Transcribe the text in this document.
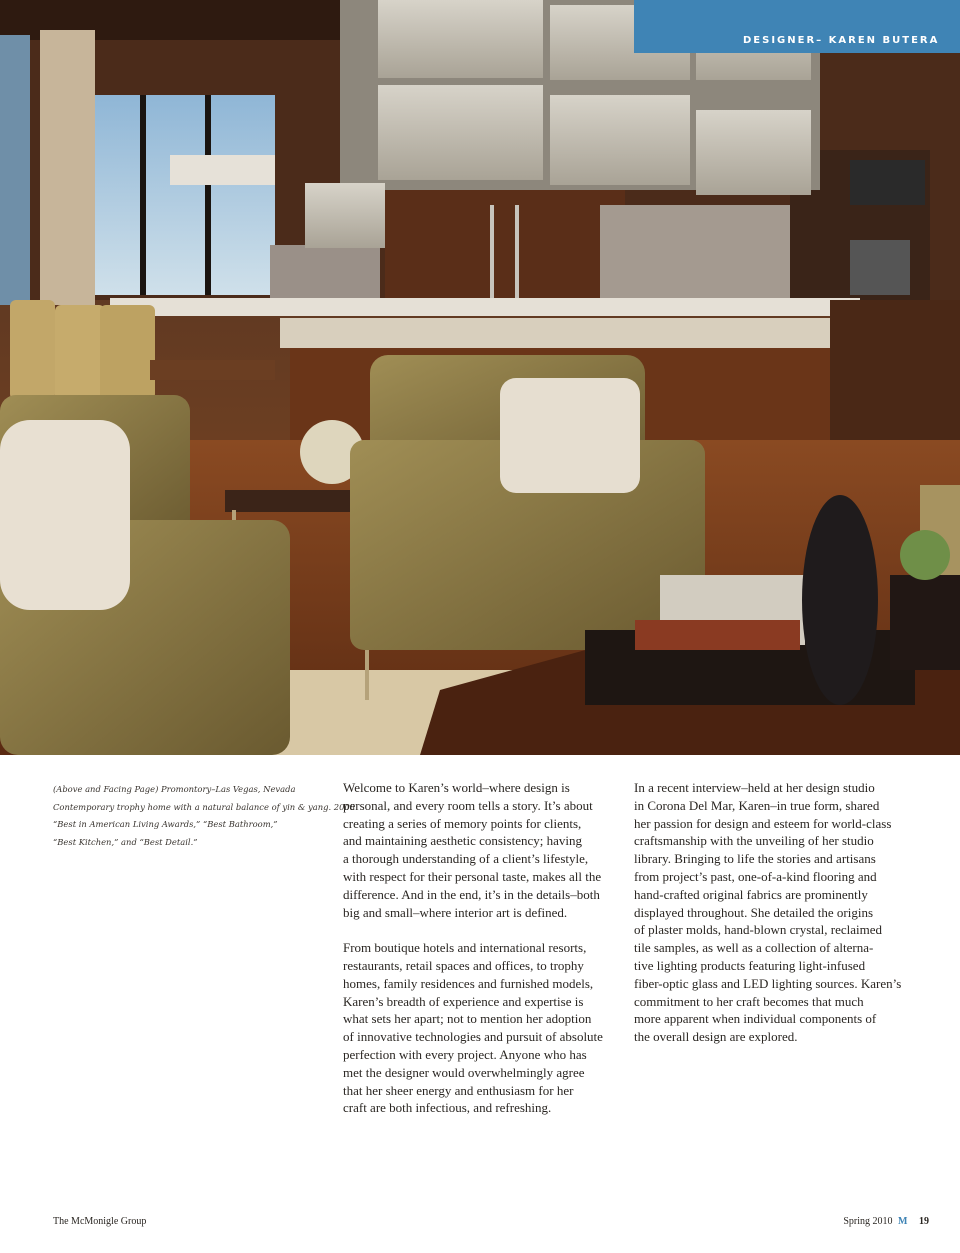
DESIGNER– KAREN BUTERA
(Above and Facing Page) Promontory–Las Vegas, Nevada
Contemporary trophy home with a natural balance of yin & yang. 2008
“Best in American Living Awards,” “Best Bathroom,”
“Best Kitchen,” and “Best Detail.”

Welcome to Karen’s world–where design is
personal, and every room tells a story. It’s about
creating a series of memory points for clients,
and maintaining aesthetic consistency; having
a thorough understanding of a client’s lifestyle,
with respect for their personal taste, makes all the
difference. And in the end, it’s in the details–both
big and small–where interior art is defined.

From boutique hotels and international resorts,
restaurants, retail spaces and offices, to trophy
homes, family residences and furnished models,
Karen’s breadth of experience and expertise is
what sets her apart; not to mention her adoption
of innovative technologies and pursuit of absolute
perfection with every project. Anyone who has
met the designer would overwhelmingly agree
that her sheer energy and enthusiasm for her
craft are both infectious, and refreshing.

In a recent interview–held at her design studio
in Corona Del Mar, Karen–in true form, shared
her passion for design and esteem for world-class
craftsmanship with the unveiling of her studio
library. Bringing to life the stories and artisans
from project’s past, one-of-a-kind flooring and
hand-crafted original fabrics are prominently
displayed throughout. She detailed the origins
of plaster molds, hand-blown crystal, reclaimed
tile samples, as well as a collection of alterna-
tive lighting products featuring light-infused
fiber-optic glass and LED lighting sources. Karen’s
commitment to her craft becomes that much
more apparent when individual components of
the overall design are explored.

The McMonigle Group	Spring 2010 M 19
